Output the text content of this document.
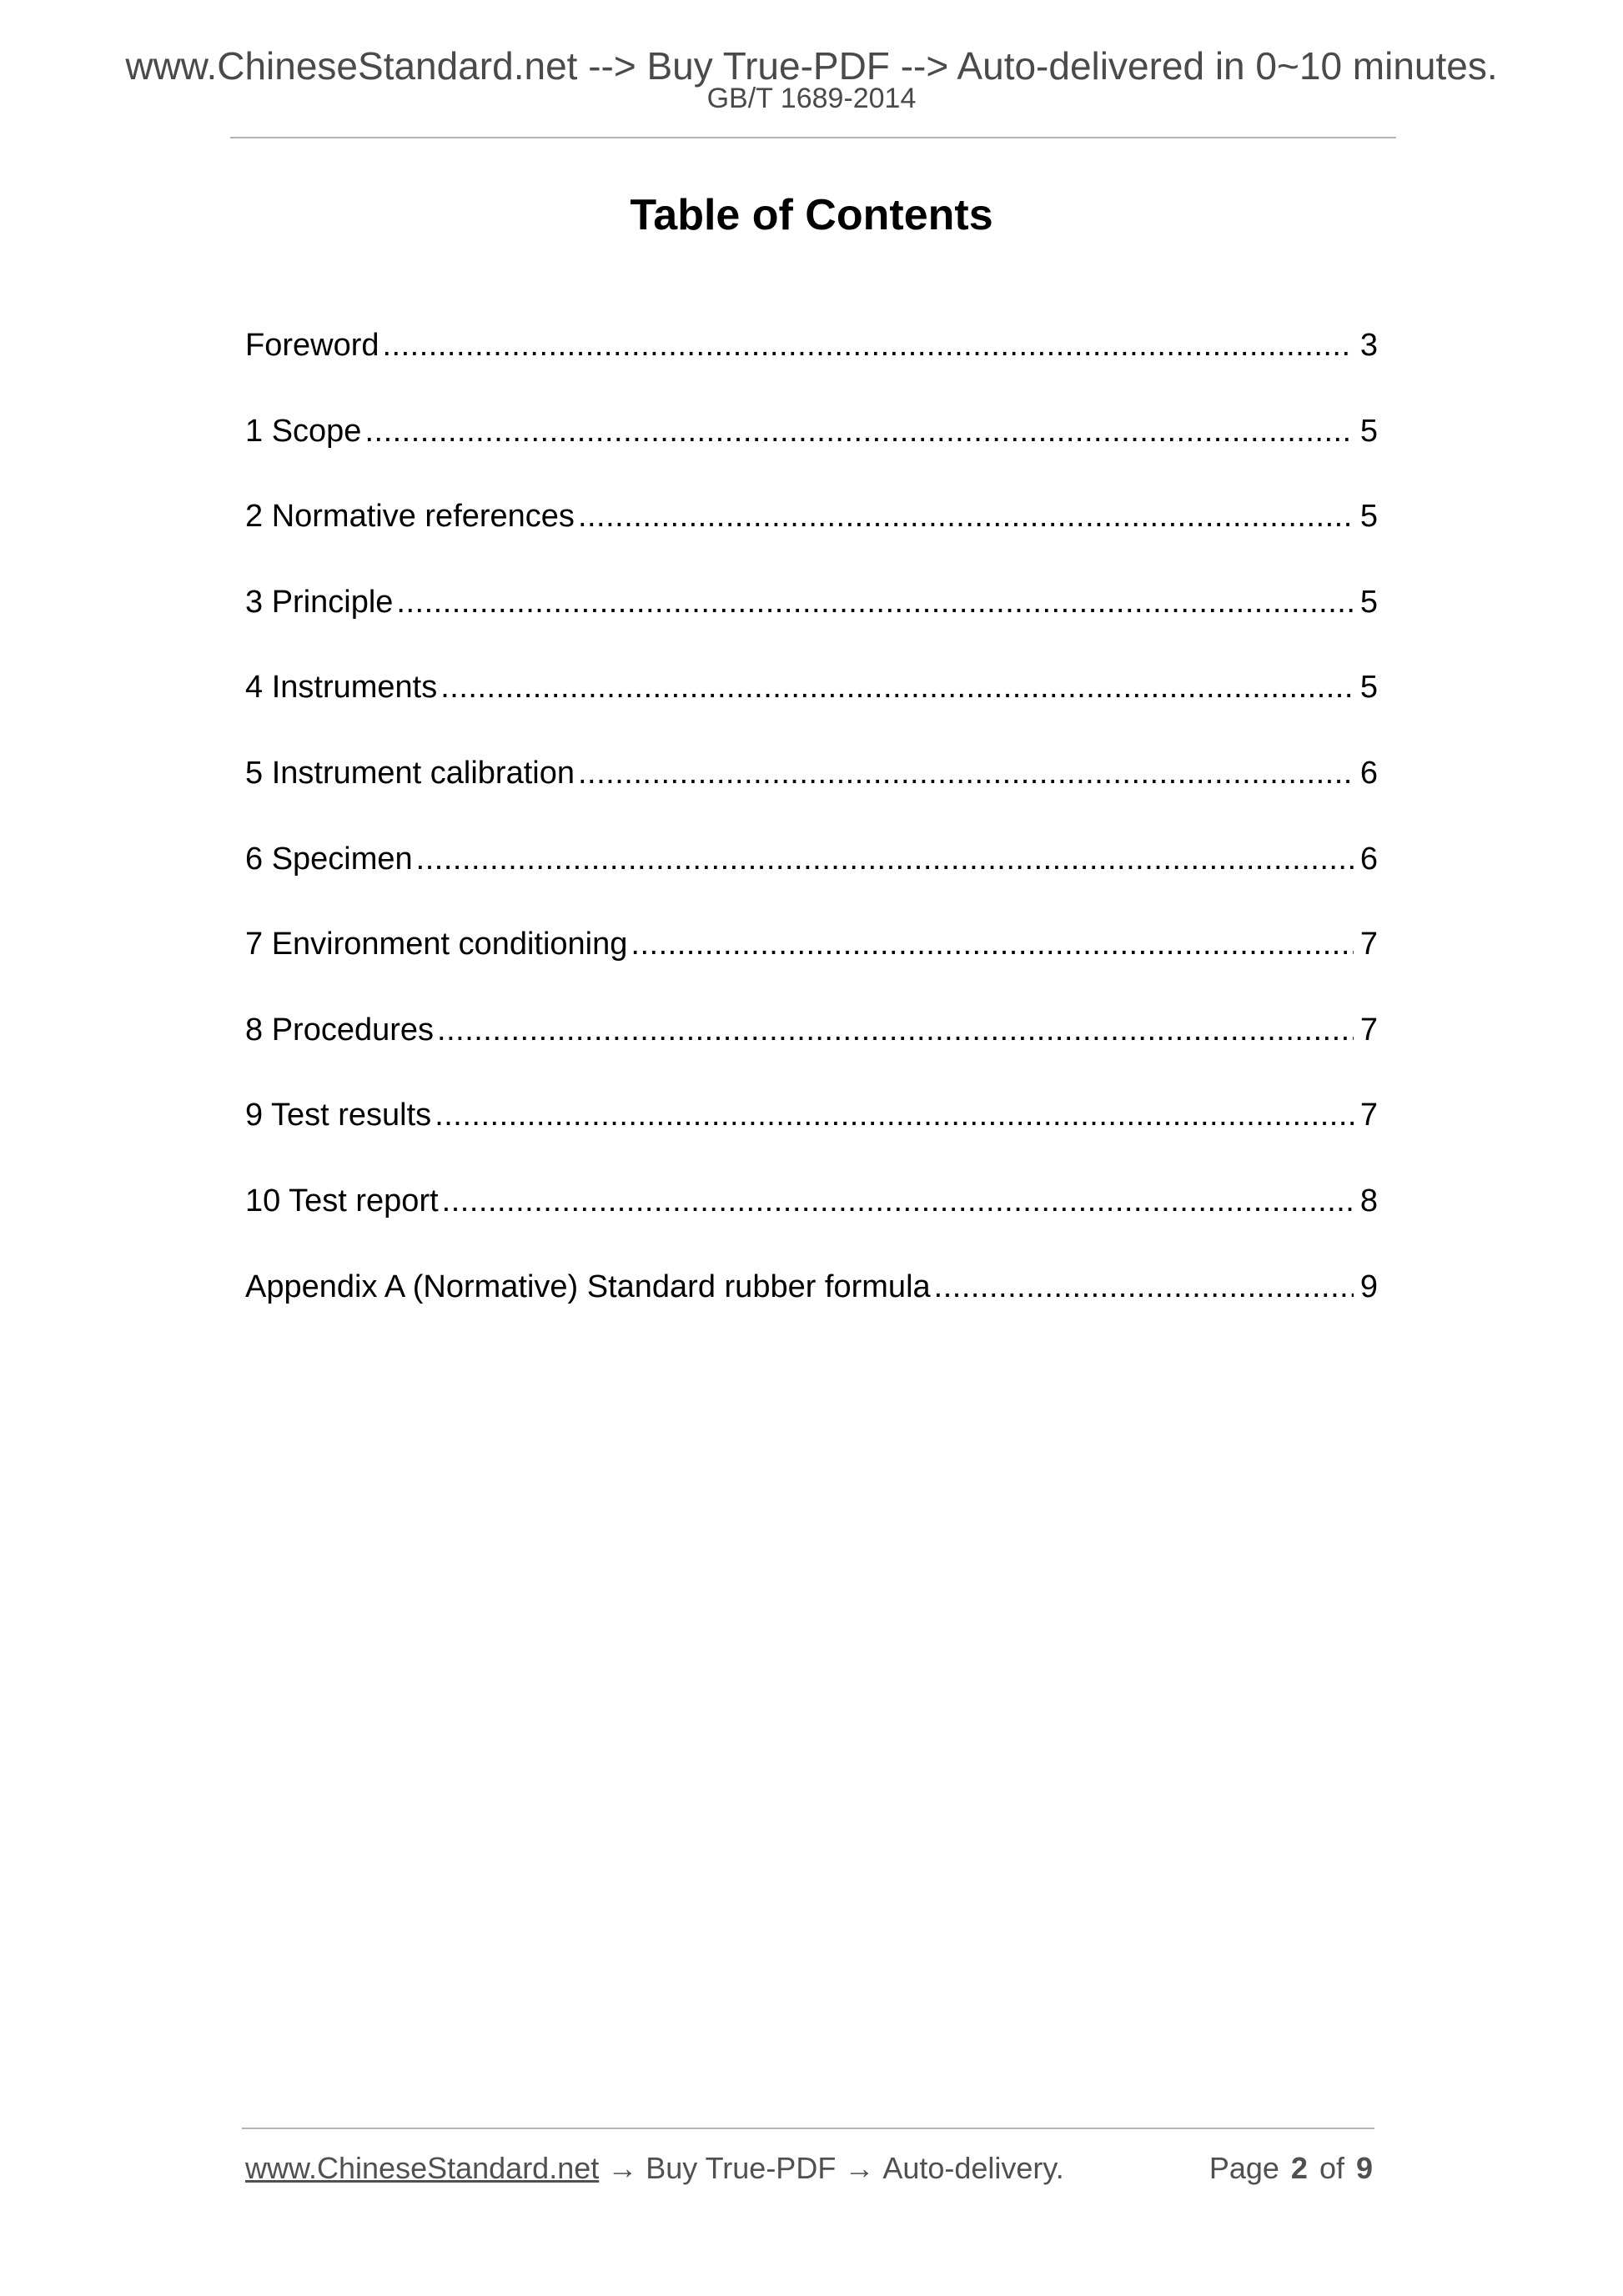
www.ChineseStandard.net --> Buy True-PDF --> Auto-delivered in 0~10 minutes.
GB/T 1689-2014
Table of Contents
Foreword .....	3
1 Scope .....	5
2 Normative references .....	5
3 Principle .....	5
4 Instruments .....	5
5 Instrument calibration .....	6
6 Specimen .....	6
7 Environment conditioning .....	7
8 Procedures .....	7
9 Test results .....	7
10 Test report .....	8
Appendix A (Normative) Standard rubber formula .....	9
www.ChineseStandard.net → Buy True-PDF → Auto-delivery.	Page 2 of 9
